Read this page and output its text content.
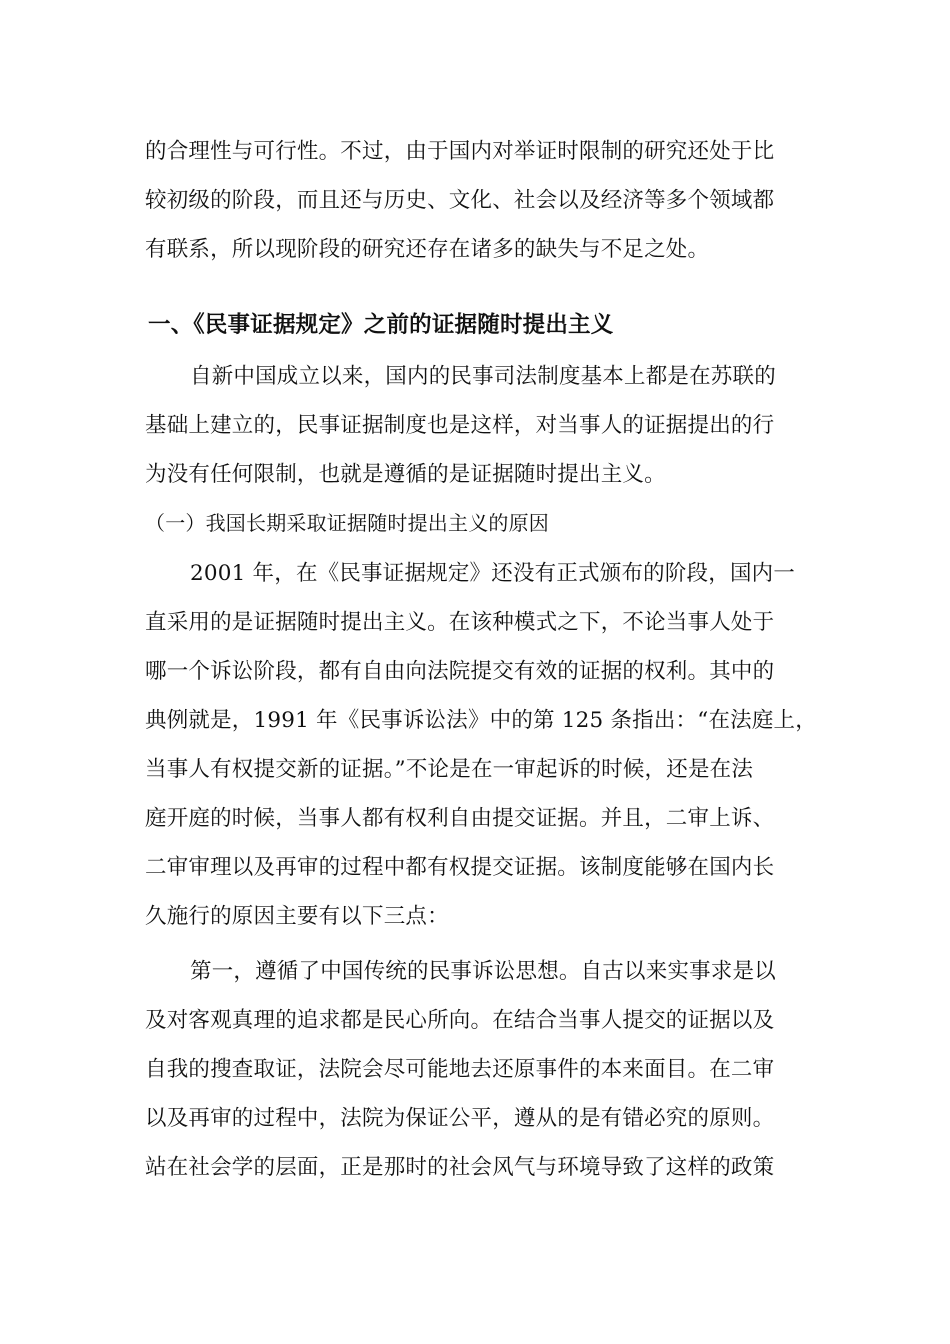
的合理性与可行性。不过，由于国内对举证时限制的研究还处于比
较初级的阶段，而且还与历史、文化、社会以及经济等多个领域都
有联系，所以现阶段的研究还存在诸多的缺失与不足之处。
一、《民事证据规定》之前的证据随时提出主义
自新中国成立以来，国内的民事司法制度基本上都是在苏联的
基础上建立的，民事证据制度也是这样，对当事人的证据提出的行
为没有任何限制，也就是遵循的是证据随时提出主义。
（一）我国长期采取证据随时提出主义的原因
2001 年，在《民事证据规定》还没有正式颁布的阶段，国内一
直采用的是证据随时提出主义。在该种模式之下，不论当事人处于
哪一个诉讼阶段，都有自由向法院提交有效的证据的权利。其中的
典例就是，1991 年《民事诉讼法》中的第 125 条指出：“在法庭上，
当事人有权提交新的证据。”不论是在一审起诉的时候，还是在法
庭开庭的时候，当事人都有权利自由提交证据。并且，二审上诉、
二审审理以及再审的过程中都有权提交证据。该制度能够在国内长
久施行的原因主要有以下三点：
第一，遵循了中国传统的民事诉讼思想。自古以来实事求是以
及对客观真理的追求都是民心所向。在结合当事人提交的证据以及
自我的搜查取证，法院会尽可能地去还原事件的本来面目。在二审
以及再审的过程中，法院为保证公平，遵从的是有错必究的原则。
站在社会学的层面，正是那时的社会风气与环境导致了这样的政策
